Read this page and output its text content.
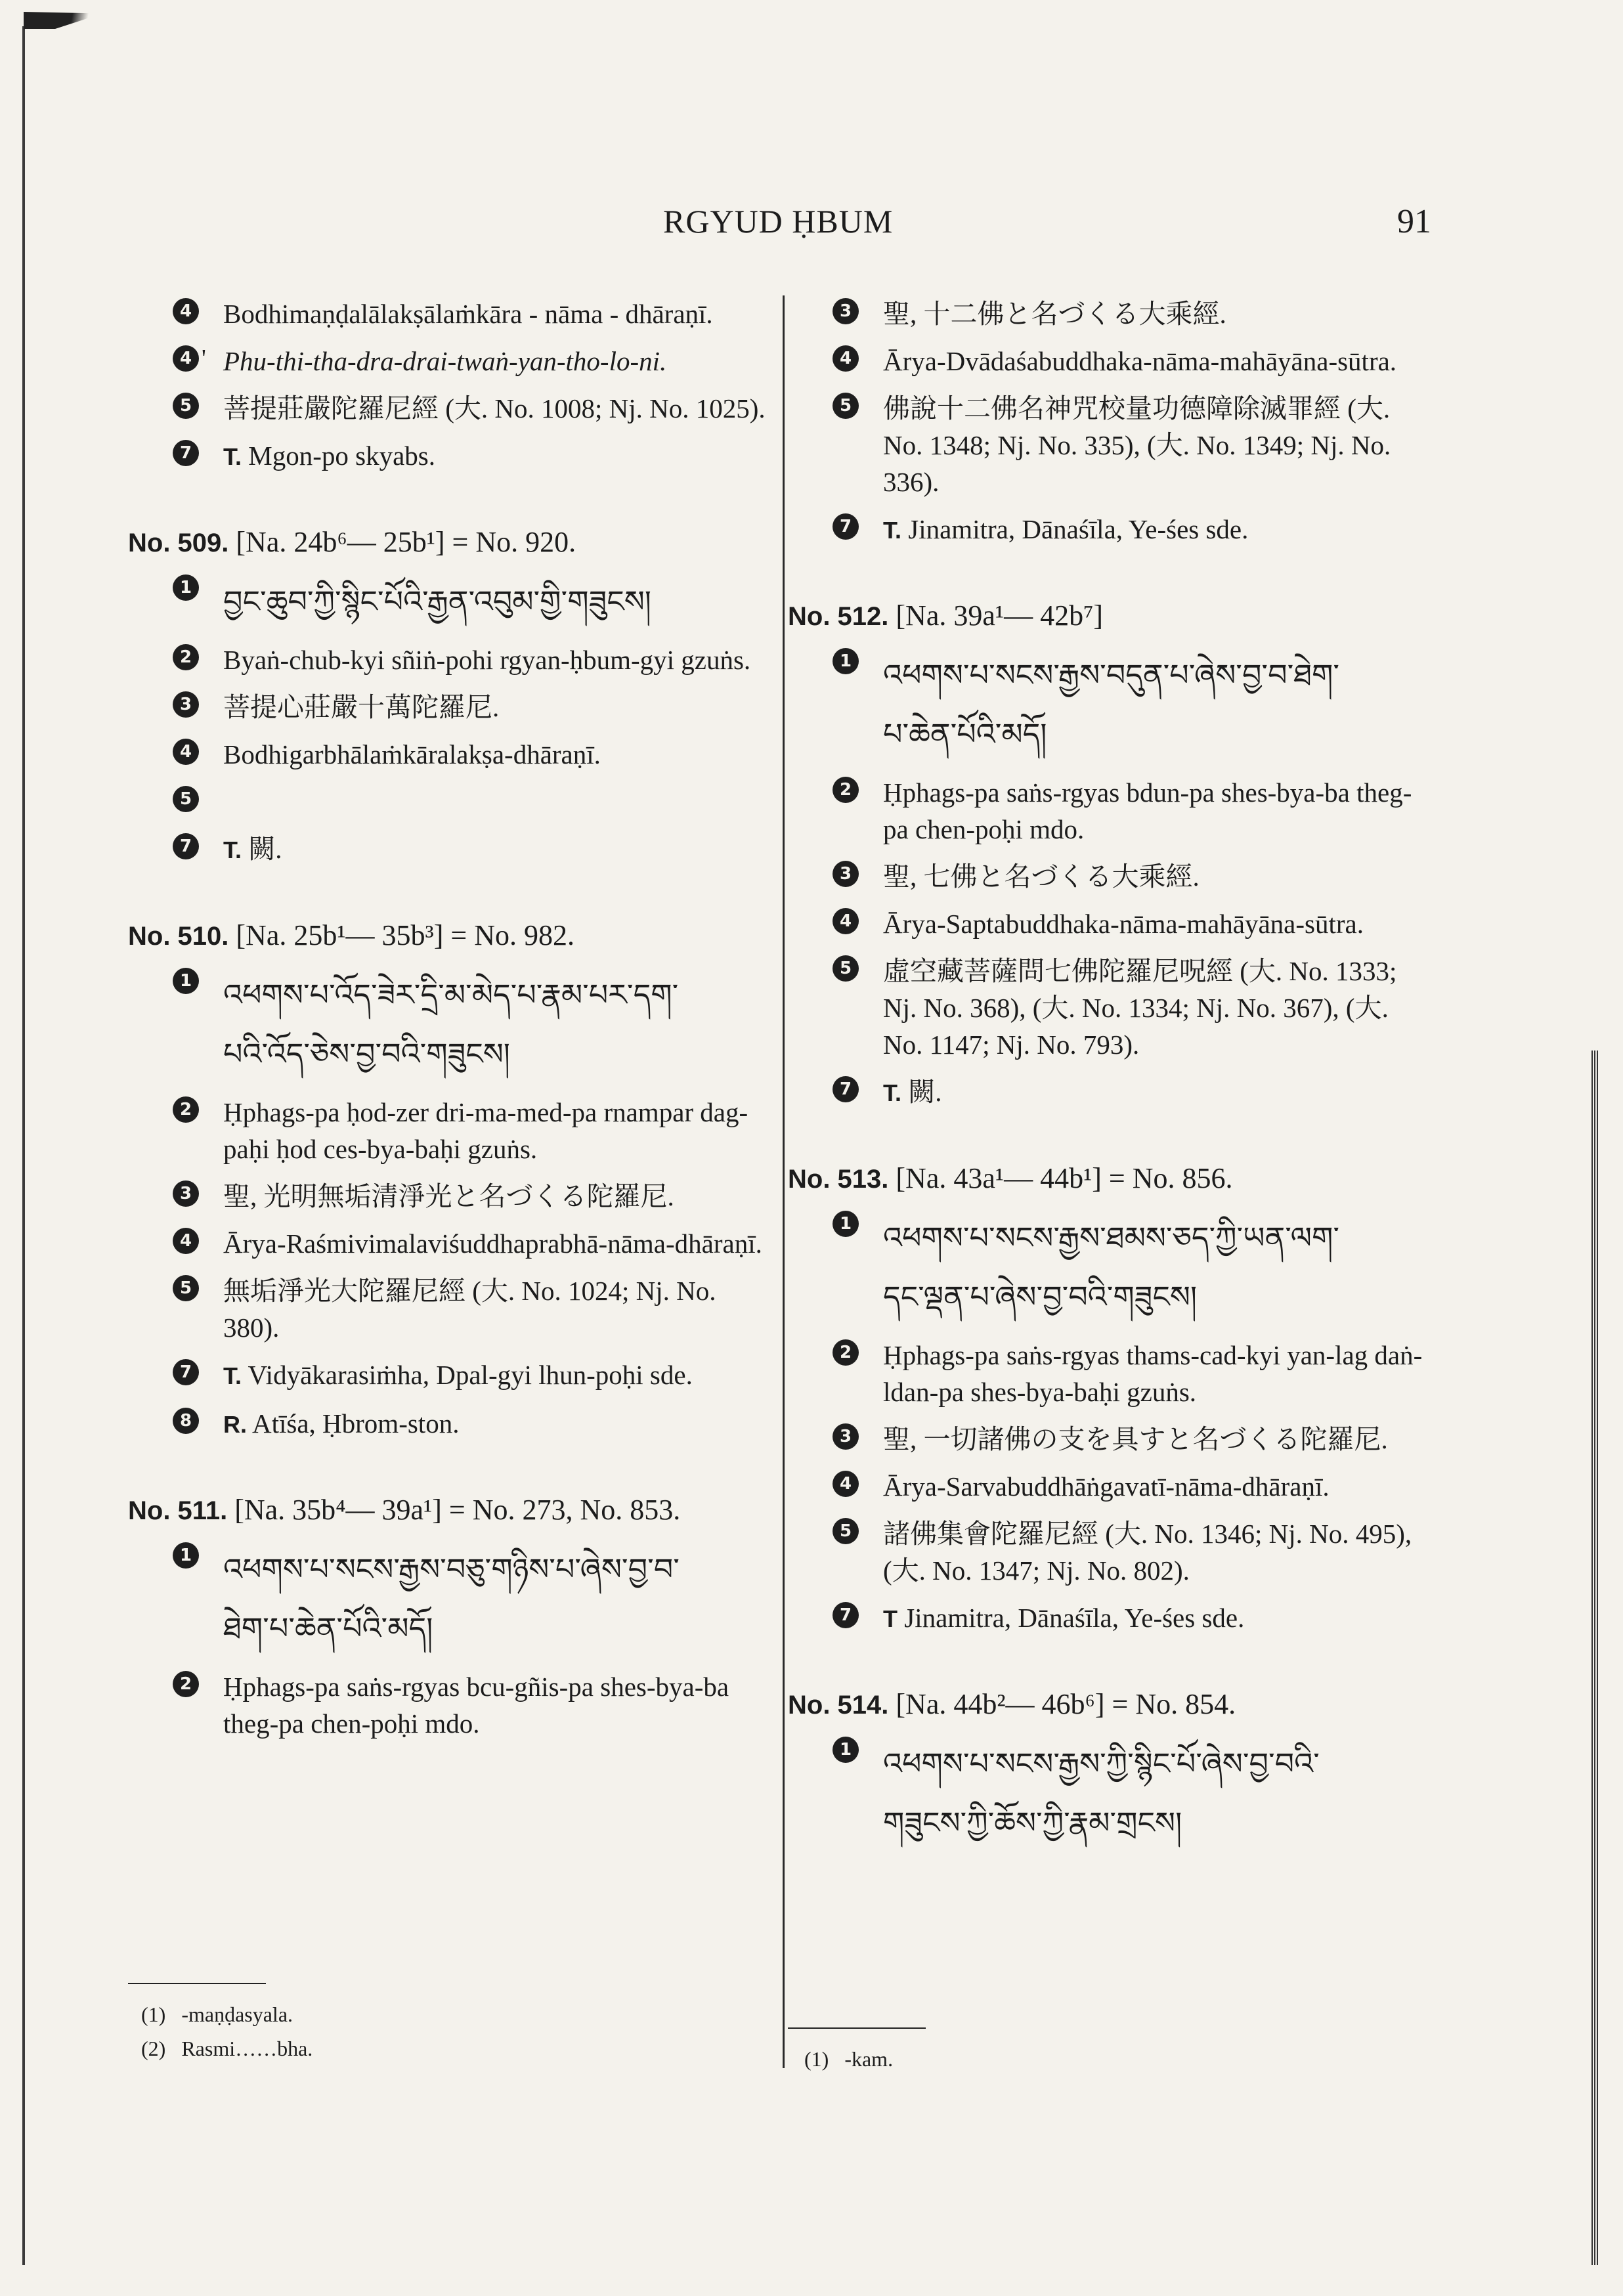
RGYUD ḤBUM	91
4 Bodhimaṇḍalālakṣālaṁkāra - nāma - dhāraṇī.
4 ' Phu-thi-tha-dra-drai-twaṅ-yan-tho-lo-ni.
5 菩提莊嚴陀羅尼經 (大. No. 1008; Nj. No. 1025).
7	T. Mgon-po skyabs.
No. 509. [Na. 24b⁶— 25b¹] = No. 920.
1 བྱང་ཆུབ་ཀྱི་སྙིང་པོའི་རྒྱན་འབུམ་གྱི་གཟུངས།
2 Byaṅ-chub-kyi sñiṅ-pohi rgyan-ḥbum-gyi gzuṅs.
3 菩提心莊嚴十萬陀羅尼.
4 Bodhigarbhālaṁkāralakṣa-dhāraṇī.
5

7	T. 闕.
No. 510. [Na. 25b¹— 35b³] = No. 982.
1 འཕགས་པ་འོད་ཟེར་དྲི་མ་མེད་པ་རྣམ་པར་དག་
པའི་འོད་ཅེས་བྱ་བའི་གཟུངས།
2 Ḥphags-pa ḥod-zer dri-ma-med-pa rnampar dag-paḥi ḥod ces-bya-baḥi gzuṅs.
3 聖, 光明無垢清淨光と名づくる陀羅尼.
4 Ārya-Raśmivimalaviśuddhaprabhā-nāma-dhāraṇī.
5 無垢淨光大陀羅尼經 (大. No. 1024; Nj. No. 380).
7	T. Vidyākarasiṁha, Dpal-gyi lhun-poḥi sde.
8	R. Atīśa, Ḥbrom-ston.
No. 511. [Na. 35b⁴— 39a¹] = No. 273, No. 853.
1 འཕགས་པ་སངས་རྒྱས་བཅུ་གཉིས་པ་ཞེས་བྱ་བ་
ཐེག་པ་ཆེན་པོའི་མདོ།
2 Ḥphags-pa saṅs-rgyas bcu-gñis-pa shes-bya-ba theg-pa chen-poḥi mdo.
(1) -maṇḍasyala.
(2) Rasmi……bha.
3 聖, 十二佛と名づくる大乘經.
4 Ārya-Dvādaśabuddhaka-nāma-mahāyāna-sūtra.
5 佛說十二佛名神咒校量功德障除滅罪經 (大. No. 1348; Nj. No. 335), (大. No. 1349; Nj. No. 336).
7	T. Jinamitra, Dānaśīla, Ye-śes sde.
No. 512. [Na. 39a¹— 42b⁷]
1 འཕགས་པ་སངས་རྒྱས་བདུན་པ་ཞེས་བྱ་བ་ཐེག་
པ་ཆེན་པོའི་མདོ།
2 Ḥphags-pa saṅs-rgyas bdun-pa shes-bya-ba theg-pa chen-poḥi mdo.
3 聖, 七佛と名づくる大乘經.
4 Ārya-Saptabuddhaka-nāma-mahāyāna-sūtra.
5 虛空藏菩薩問七佛陀羅尼呪經 (大. No. 1333; Nj. No. 368), (大. No. 1334; Nj. No. 367), (大. No. 1147; Nj. No. 793).
7	T. 闕.
No. 513. [Na. 43a¹— 44b¹] = No. 856.
1 འཕགས་པ་སངས་རྒྱས་ཐམས་ཅད་ཀྱི་ཡན་ལག་
དང་ལྡན་པ་ཞེས་བྱ་བའི་གཟུངས།
2 Ḥphags-pa saṅs-rgyas thams-cad-kyi yan-lag daṅ-ldan-pa shes-bya-baḥi gzuṅs.
3 聖, 一切諸佛の支を具すと名づくる陀羅尼.
4 Ārya-Sarvabuddhāṅgavatī-nāma-dhāraṇī.
5 諸佛集會陀羅尼經 (大. No. 1346; Nj. No. 495), (大. No. 1347; Nj. No. 802).
7	T Jinamitra, Dānaśīla, Ye-śes sde.
No. 514. [Na. 44b²— 46b⁶] = No. 854.
1 འཕགས་པ་སངས་རྒྱས་ཀྱི་སྙིང་པོ་ཞེས་བྱ་བའི་
གཟུངས་ཀྱི་ཆོས་ཀྱི་རྣམ་གྲངས།
(1) -kam.
